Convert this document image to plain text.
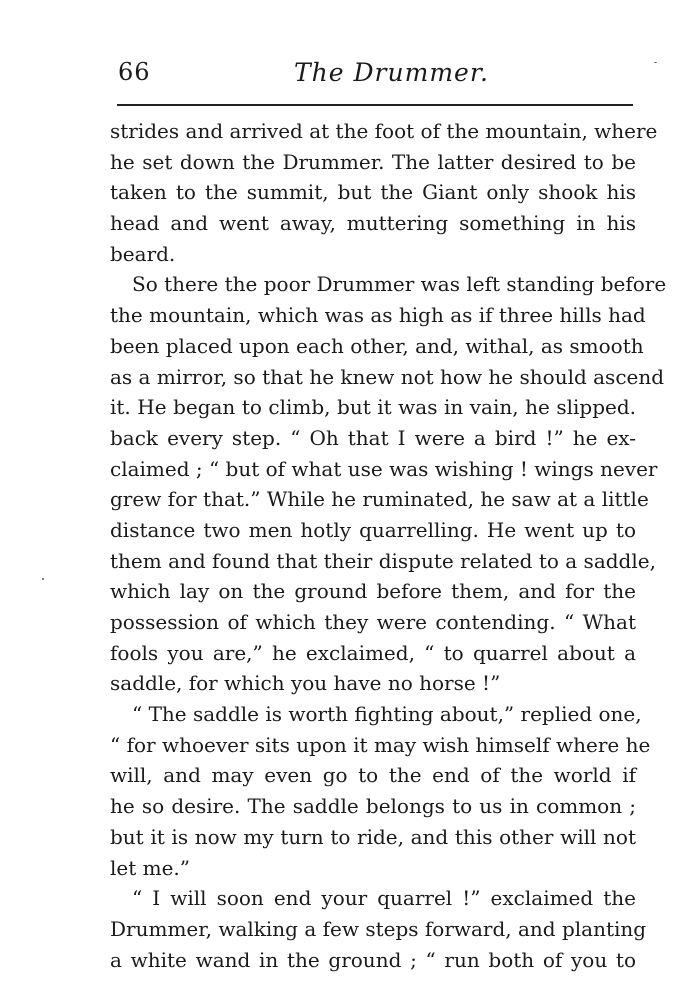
66	The Drummer.
strides and arrived at the foot of the mountain, where
he set down the Drummer. The latter desired to be
taken to the summit, but the Giant only shook his
head and went away, muttering something in his
beard.
So there the poor Drummer was left standing before
the mountain, which was as high as if three hills had
been placed upon each other, and, withal, as smooth
as a mirror, so that he knew not how he should ascend
it. He began to climb, but it was in vain, he slipped.
back every step. “ Oh that I were a bird !” he ex-
claimed ; “ but of what use was wishing ! wings never
grew for that.” While he ruminated, he saw at a little
distance two men hotly quarrelling. He went up to
them and found that their dispute related to a saddle,
which lay on the ground before them, and for the
possession of which they were contending. “ What
fools you are,” he exclaimed, “ to quarrel about a
saddle, for which you have no horse !”
“ The saddle is worth fighting about,” replied one,
“ for whoever sits upon it may wish himself where he
will, and may even go to the end of the world if
he so desire. The saddle belongs to us in common ;
but it is now my turn to ride, and this other will not
let me.”
“ I will soon end your quarrel !” exclaimed the
Drummer, walking a few steps forward, and planting
a white wand in the ground ; “ run both of you to
